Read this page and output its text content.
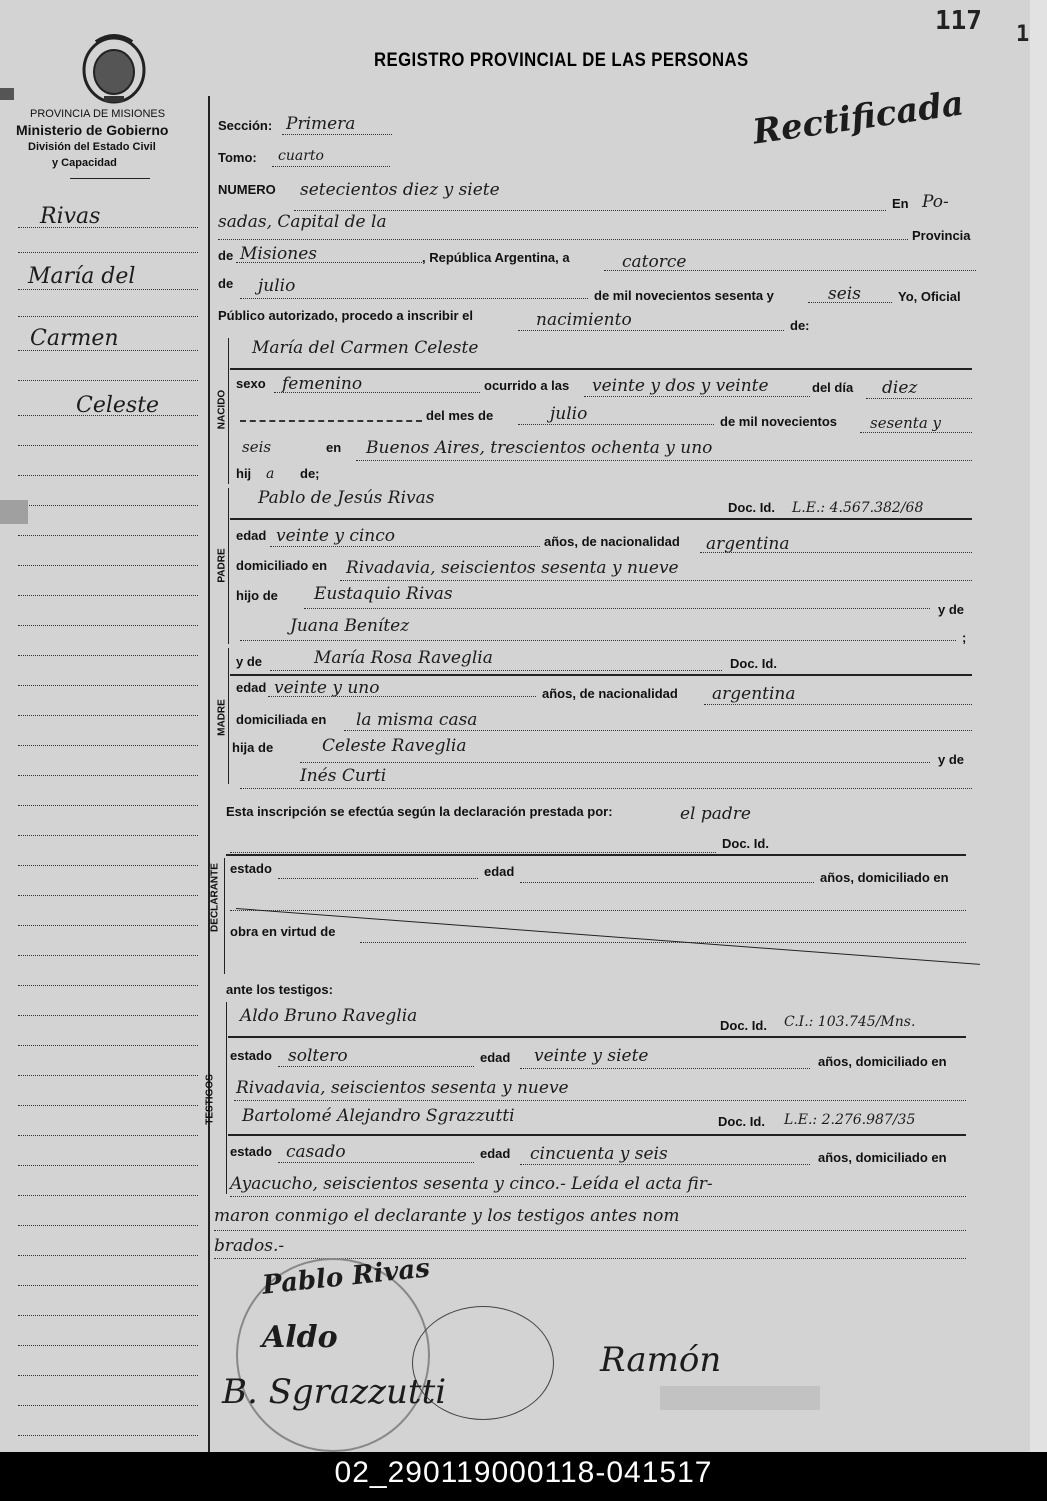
PROVINCIA DE MISIONES
Ministerio de Gobierno
División del Estado Civil
y Capacidad
REGISTRO PROVINCIAL DE LAS PERSONAS
117 1
Rectificada
Rivas
María del
Carmen
Celeste
Sección: Primera
Tomo: cuarto
NUMERO setecientos diez y siete
En Po-
sadas, Capital de la
Provincia
de Misiones	, República Argentina, a	catorce
de julio	de mil novecientos sesenta y	seis	Yo, Oficial
Público autorizado, procedo a inscribir el	nacimiento	de:
NACIDO
María del Carmen Celeste
sexo femenino	ocurrido a las veinte y dos y veinte	del día diez
del mes de	julio	de mil novecientos sesenta y
seis	en Buenos Aires, trescientos ochenta y uno
hij a de;
PADRE
Pablo de Jesús Rivas	Doc. Id. L.E.: 4.567.382/68
edad veinte y cinco	años, de nacionalidad argentina
domiciliado en Rivadavia, seiscientos sesenta y nueve
hijo de Eustaquio Rivas
y de
Juana Benítez
;
MADRE
y de	María Rosa Raveglia	Doc. Id.
edad veinte y uno	años, de nacionalidad argentina
domiciliada en la misma casa
hija de	Celeste Raveglia
y de
Inés Curti
Esta inscripción se efectúa según la declaración prestada por:	el padre
Doc. Id.
DECLARANTE estado	edad	años, domiciliado en
obra en virtud de
ante los testigos:
TESTIGOS
Aldo Bruno Raveglia	Doc. Id. C.I.: 103.745/Mns.
estado soltero	edad veinte y siete	años, domiciliado en
Rivadavia, seiscientos sesenta y nueve
Bartolomé Alejandro Sgrazzutti	Doc. Id. L.E.: 2.276.987/35
estado casado	edad cincuenta y seis	años, domiciliado en
Ayacucho, seiscientos sesenta y cinco.- Leída el acta fir-
maron conmigo el declarante y los testigos antes nom
brados.-
Pablo Rivas
Aldo
B. Sgrazzutti
Ramón
02_290119000118-041517
